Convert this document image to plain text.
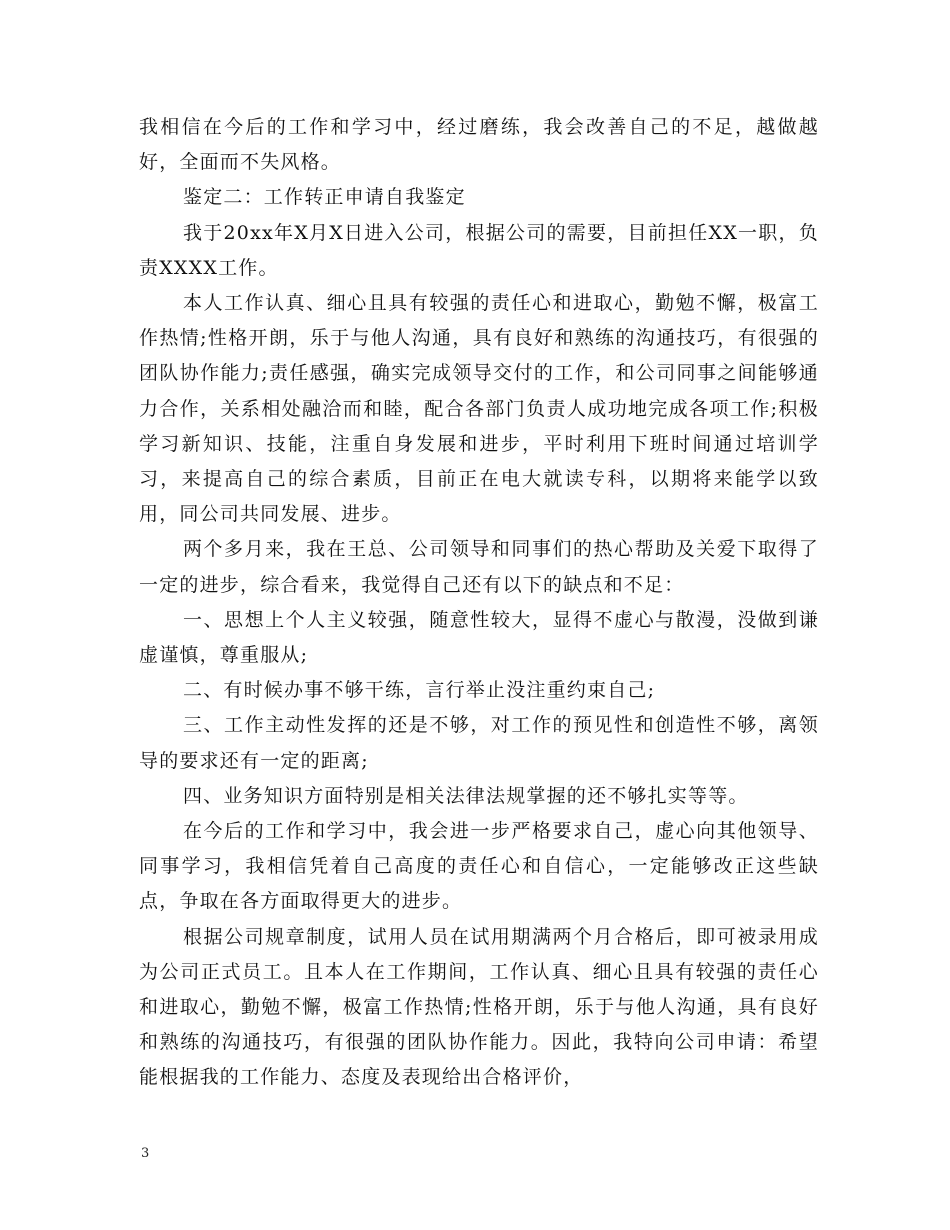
我相信在今后的工作和学习中，经过磨练，我会改善自己的不足，越做越好，全面而不失风格。

鉴定二：工作转正申请自我鉴定

我于20xx年X月X日进入公司，根据公司的需要，目前担任XX一职，负责XXXX工作。

本人工作认真、细心且具有较强的责任心和进取心，勤勉不懈，极富工作热情;性格开朗，乐于与他人沟通，具有良好和熟练的沟通技巧，有很强的团队协作能力;责任感强，确实完成领导交付的工作，和公司同事之间能够通力合作，关系相处融洽而和睦，配合各部门负责人成功地完成各项工作;积极学习新知识、技能，注重自身发展和进步，平时利用下班时间通过培训学习，来提高自己的综合素质，目前正在电大就读专科，以期将来能学以致用，同公司共同发展、进步。

两个多月来，我在王总、公司领导和同事们的热心帮助及关爱下取得了一定的进步，综合看来，我觉得自己还有以下的缺点和不足：

一、思想上个人主义较强，随意性较大，显得不虚心与散漫，没做到谦虚谨慎，尊重服从;

二、有时候办事不够干练，言行举止没注重约束自己;

三、工作主动性发挥的还是不够，对工作的预见性和创造性不够，离领导的要求还有一定的距离;

四、业务知识方面特别是相关法律法规掌握的还不够扎实等等。

在今后的工作和学习中，我会进一步严格要求自己，虚心向其他领导、同事学习，我相信凭着自己高度的责任心和自信心，一定能够改正这些缺点，争取在各方面取得更大的进步。

根据公司规章制度，试用人员在试用期满两个月合格后，即可被录用成为公司正式员工。且本人在工作期间，工作认真、细心且具有较强的责任心和进取心，勤勉不懈，极富工作热情;性格开朗，乐于与他人沟通，具有良好和熟练的沟通技巧，有很强的团队协作能力。因此，我特向公司申请：希望能根据我的工作能力、态度及表现给出合格评价，

3
